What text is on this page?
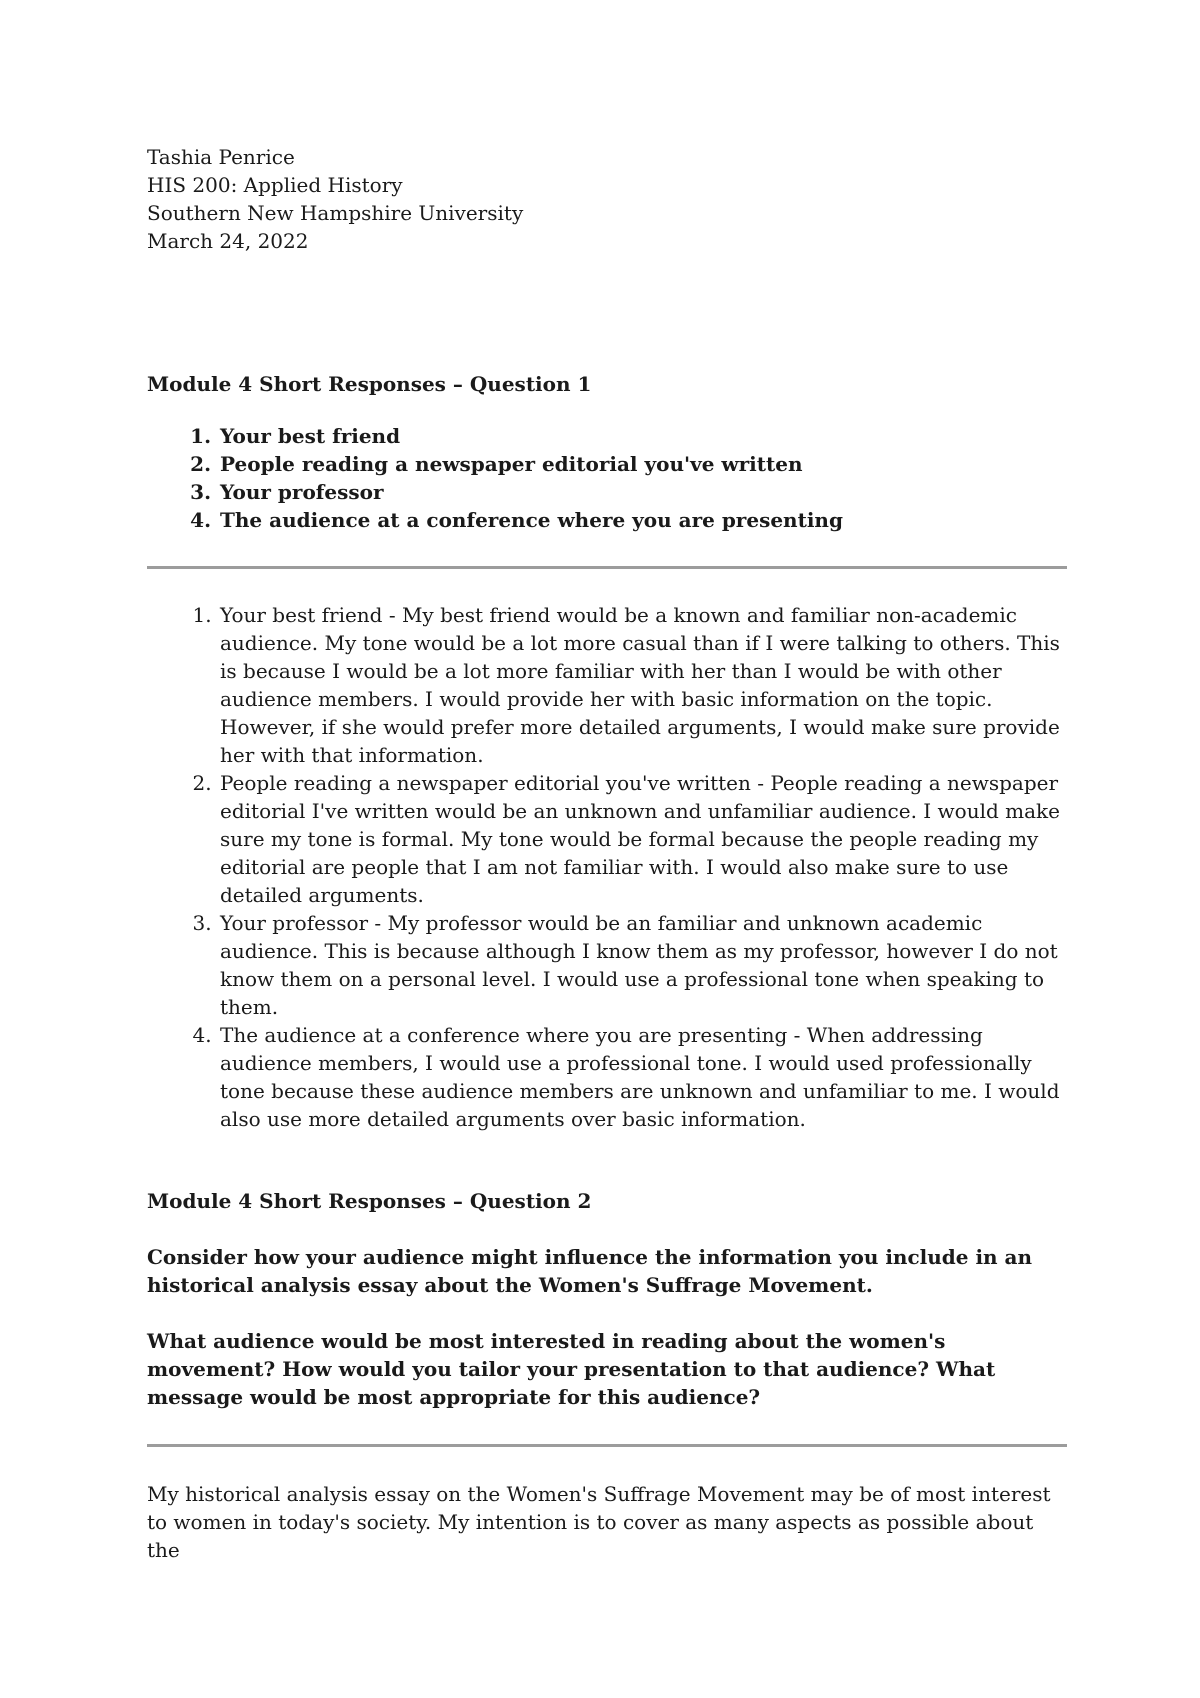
Tashia Penrice

HIS 200: Applied History

Southern New Hampshire University

March 24, 2022

Module 4 Short Responses – Question 1

1. Your best friend
2. People reading a newspaper editorial you've written
3. Your professor
4. The audience at a conference where you are presenting
1. Your best friend - My best friend would be a known and familiar non-academic audience. My tone would be a lot more casual than if I were talking to others. This is because I would be a lot more familiar with her than I would be with other audience members. I would provide her with basic information on the topic. However, if she would prefer more detailed arguments, I would make sure provide her with that information.
2. People reading a newspaper editorial you've written - People reading a newspaper editorial I've written would be an unknown and unfamiliar audience. I would make sure my tone is formal. My tone would be formal because the people reading my editorial are people that I am not familiar with. I would also make sure to use detailed arguments.
3. Your professor - My professor would be an familiar and unknown academic audience. This is because although I know them as my professor, however I do not know them on a personal level. I would use a professional tone when speaking to them.
4. The audience at a conference where you are presenting - When addressing audience members, I would use a professional tone. I would used professionally tone because these audience members are unknown and unfamiliar to me. I would also use more detailed arguments over basic information.

Module 4 Short Responses – Question 2

Consider how your audience might influence the information you include in an historical analysis essay about the Women's Suffrage Movement.

What audience would be most interested in reading about the women's movement? How would you tailor your presentation to that audience? What message would be most appropriate for this audience?

My historical analysis essay on the Women's Suffrage Movement may be of most interest to women in today's society. My intention is to cover as many aspects as possible about the
